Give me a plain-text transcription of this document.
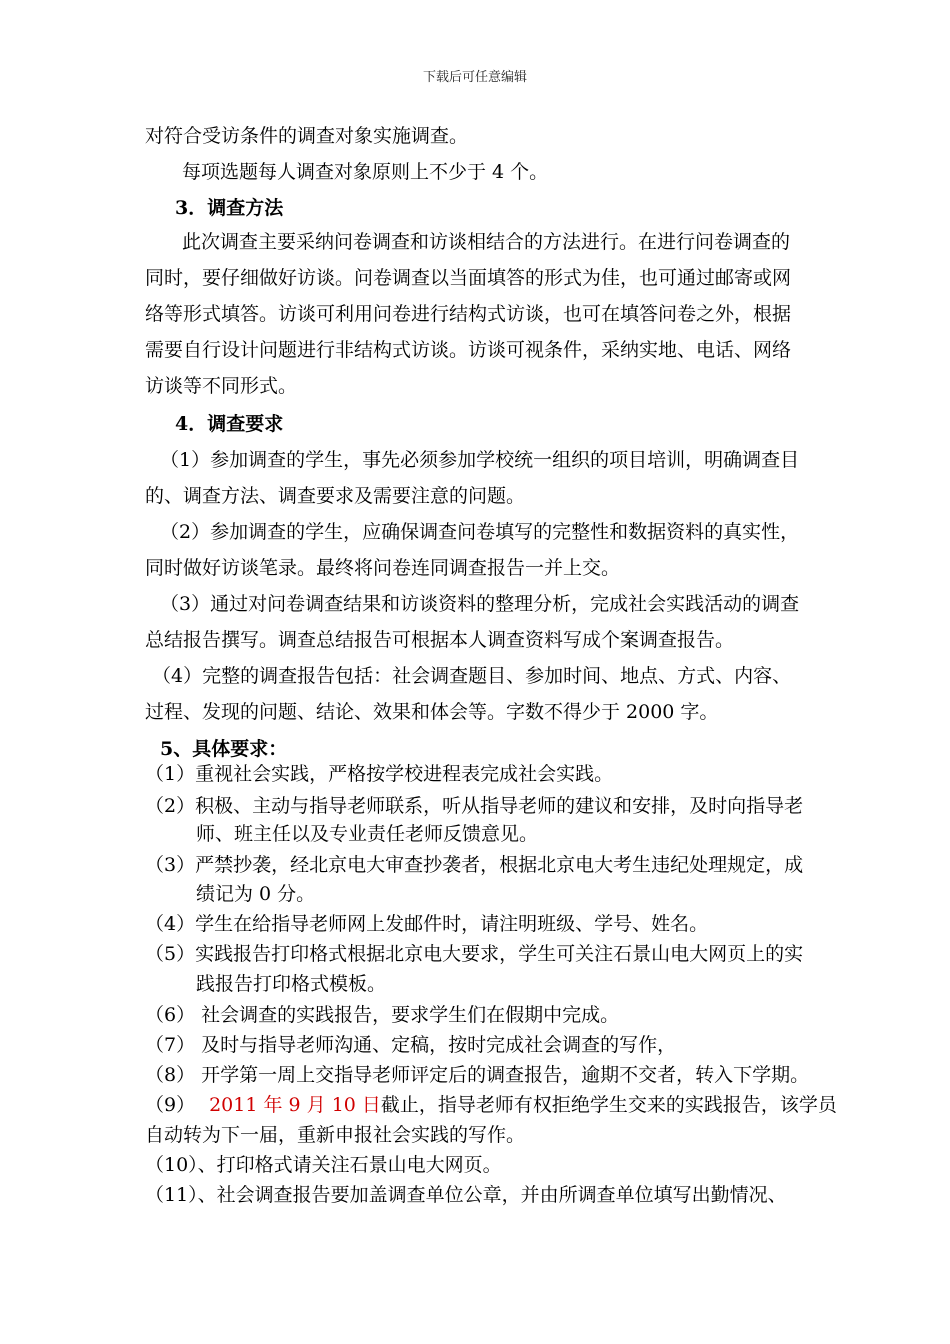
下载后可任意编辑
对符合受访条件的调查对象实施调查。
每项选题每人调查对象原则上不少于 4 个。
3．调查方法
此次调查主要采纳问卷调查和访谈相结合的方法进行。在进行问卷调查的
同时，要仔细做好访谈。问卷调查以当面填答的形式为佳，也可通过邮寄或网
络等形式填答。访谈可利用问卷进行结构式访谈，也可在填答问卷之外，根据
需要自行设计问题进行非结构式访谈。访谈可视条件，采纳实地、电话、网络
访谈等不同形式。
4．调查要求
（1）参加调查的学生，事先必须参加学校统一组织的项目培训，明确调查目
的、调查方法、调查要求及需要注意的问题。
（2）参加调查的学生，应确保调查问卷填写的完整性和数据资料的真实性，
同时做好访谈笔录。最终将问卷连同调查报告一并上交。
（3）通过对问卷调查结果和访谈资料的整理分析，完成社会实践活动的调查
总结报告撰写。调查总结报告可根据本人调查资料写成个案调查报告。
（4）完整的调查报告包括：社会调查题目、参加时间、地点、方式、内容、
过程、发现的问题、结论、效果和体会等。字数不得少于 2000 字。
5、具体要求：
（1）重视社会实践，严格按学校进程表完成社会实践。
（2）积极、主动与指导老师联系，听从指导老师的建议和安排，及时向指导老
师、班主任以及专业责任老师反馈意见。
（3）严禁抄袭，经北京电大审查抄袭者，根据北京电大考生违纪处理规定，成
绩记为 0 分。
（4）学生在给指导老师网上发邮件时，请注明班级、学号、姓名。
（5）实践报告打印格式根据北京电大要求，学生可关注石景山电大网页上的实
践报告打印格式模板。
（6） 社会调查的实践报告，要求学生们在假期中完成。
（7） 及时与指导老师沟通、定稿，按时完成社会调查的写作，
（8） 开学第一周上交指导老师评定后的调查报告，逾期不交者，转入下学期。
（9） 2011 年 9 月 10 日截止，指导老师有权拒绝学生交来的实践报告，该学员
自动转为下一届，重新申报社会实践的写作。
（10）、打印格式请关注石景山电大网页。
（11）、社会调查报告要加盖调查单位公章，并由所调查单位填写出勤情况、
